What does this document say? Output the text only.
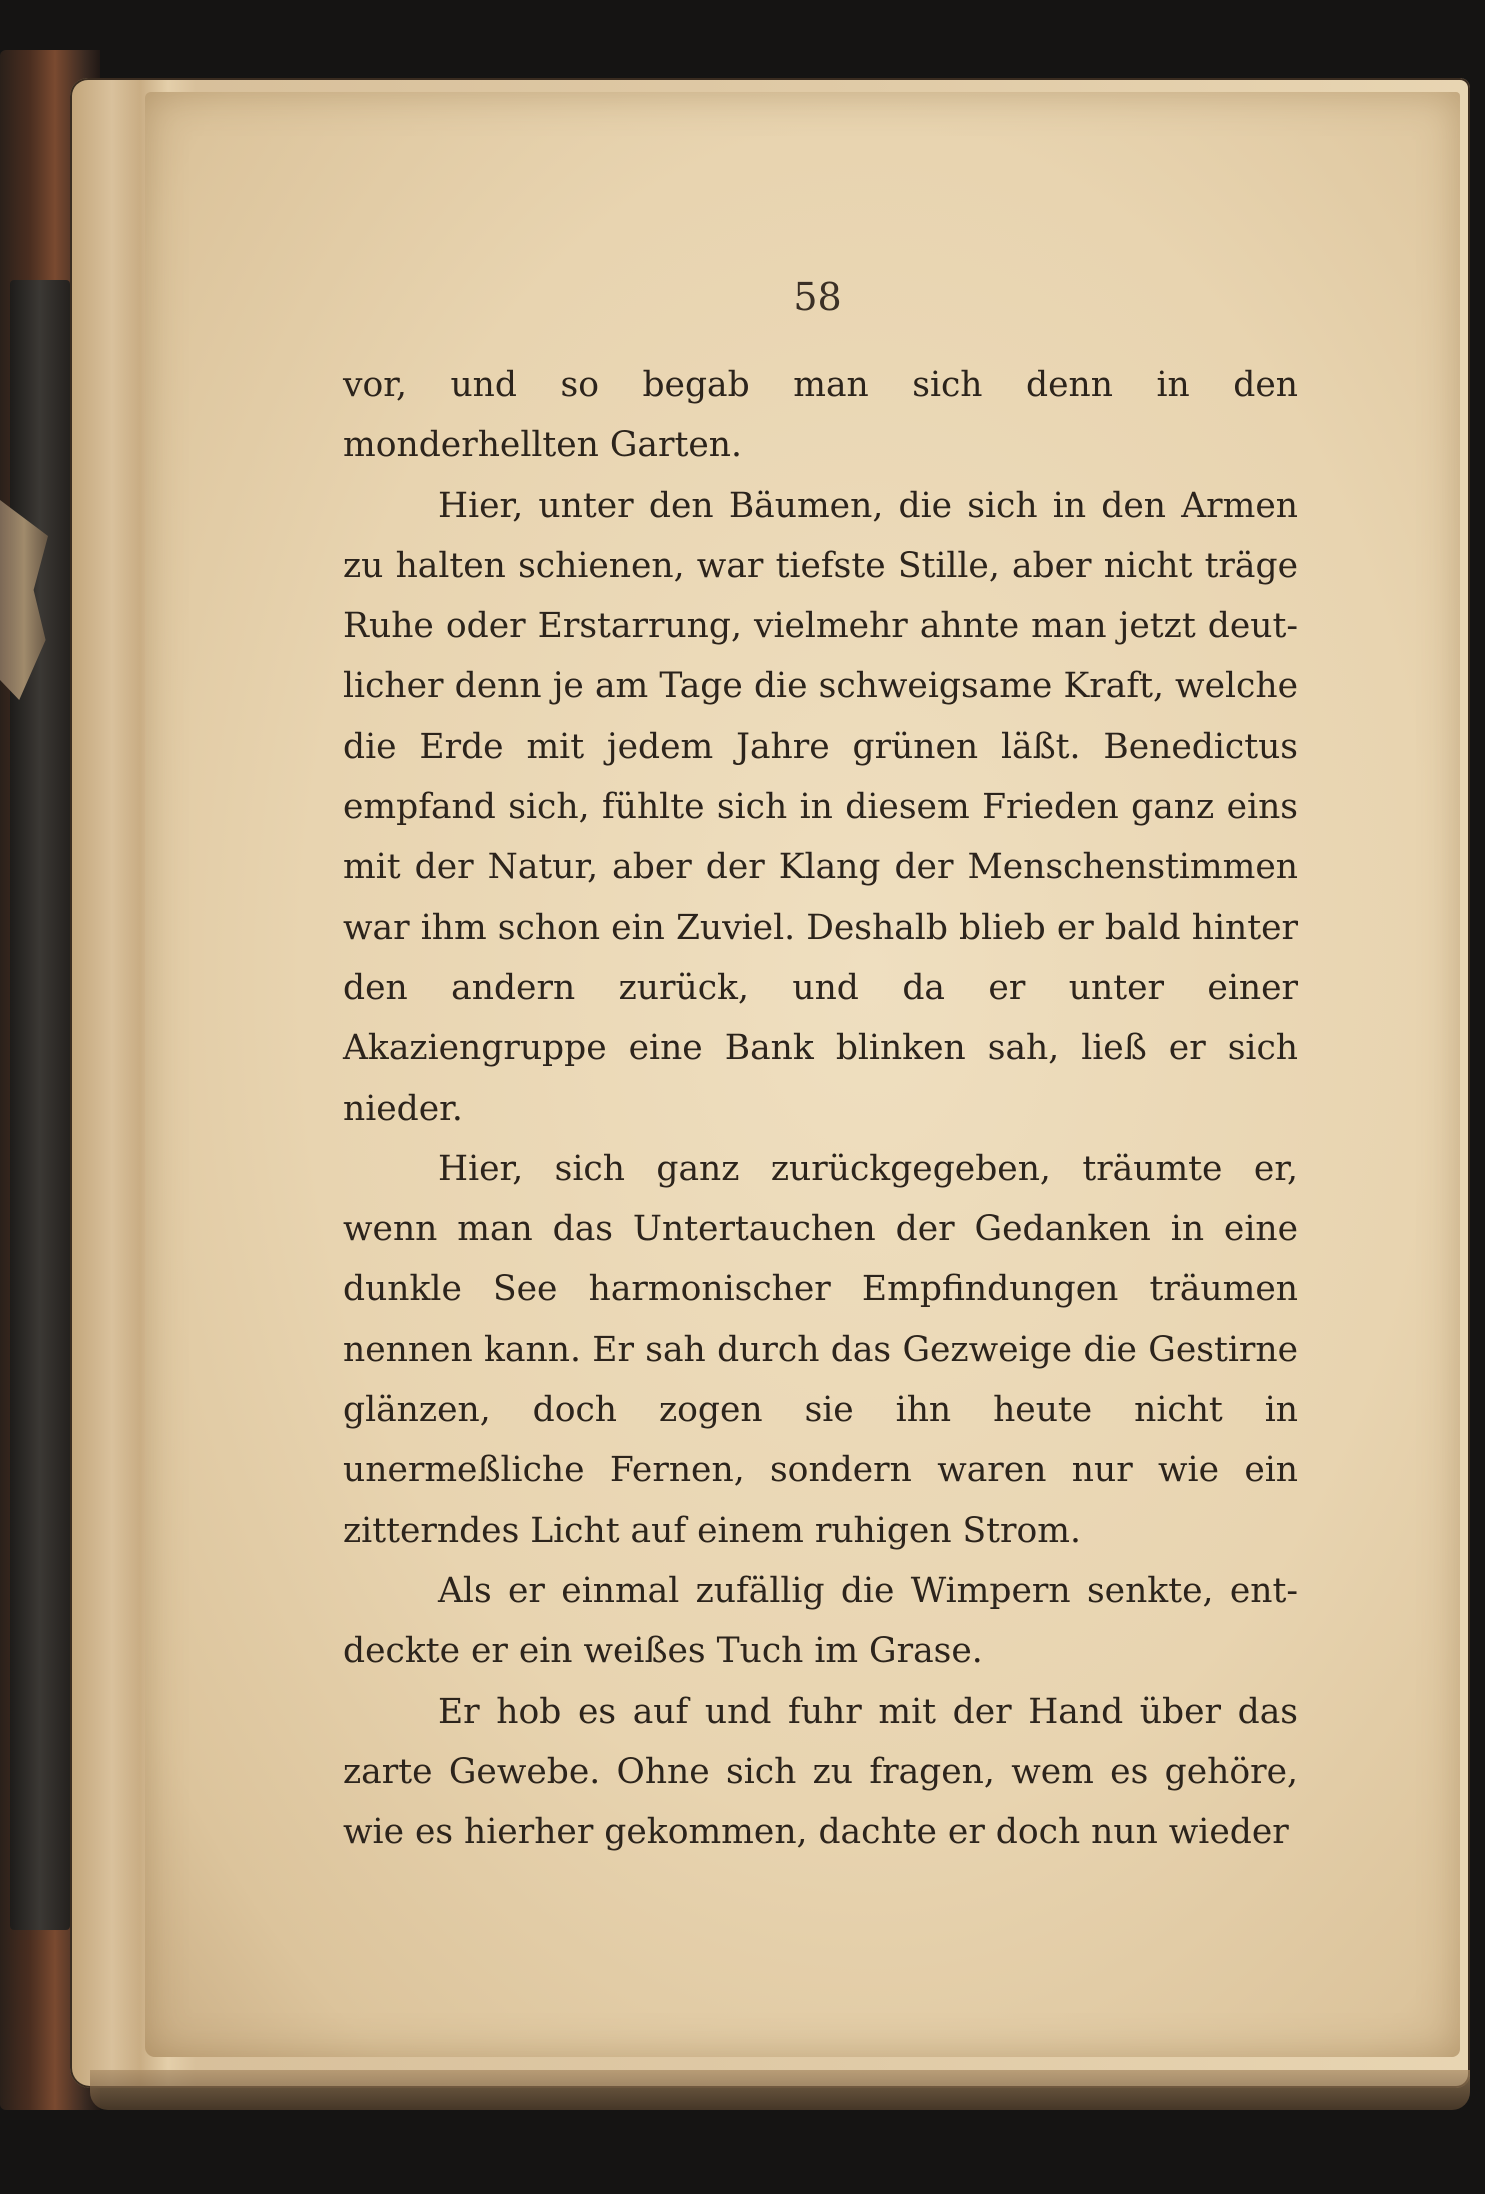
58

vor, und so begab man sich denn in den monderhellten Garten.

Hier, unter den Bäumen, die sich in den Armen zu halten schienen, war tiefste Stille, aber nicht träge Ruhe oder Erstarrung, vielmehr ahnte man jetzt deutlicher denn je am Tage die schweigsame Kraft, welche die Erde mit jedem Jahre grünen läßt. Benedictus empfand sich, fühlte sich in diesem Frieden ganz eins mit der Natur, aber der Klang der Menschenstimmen war ihm schon ein Zuviel. Deshalb blieb er bald hinter den andern zurück, und da er unter einer Akaziengruppe eine Bank blinken sah, ließ er sich nieder.

Hier, sich ganz zurückgegeben, träumte er, wenn man das Untertauchen der Gedanken in eine dunkle See harmonischer Empfindungen träumen nennen kann. Er sah durch das Gezweige die Gestirne glänzen, doch zogen sie ihn heute nicht in unermeßliche Fernen, sondern waren nur wie ein zitterndes Licht auf einem ruhigen Strom.

Als er einmal zufällig die Wimpern senkte, entdeckte er ein weißes Tuch im Grase.

Er hob es auf und fuhr mit der Hand über das zarte Gewebe. Ohne sich zu fragen, wem es gehöre, wie es hierher gekommen, dachte er doch nun wieder
